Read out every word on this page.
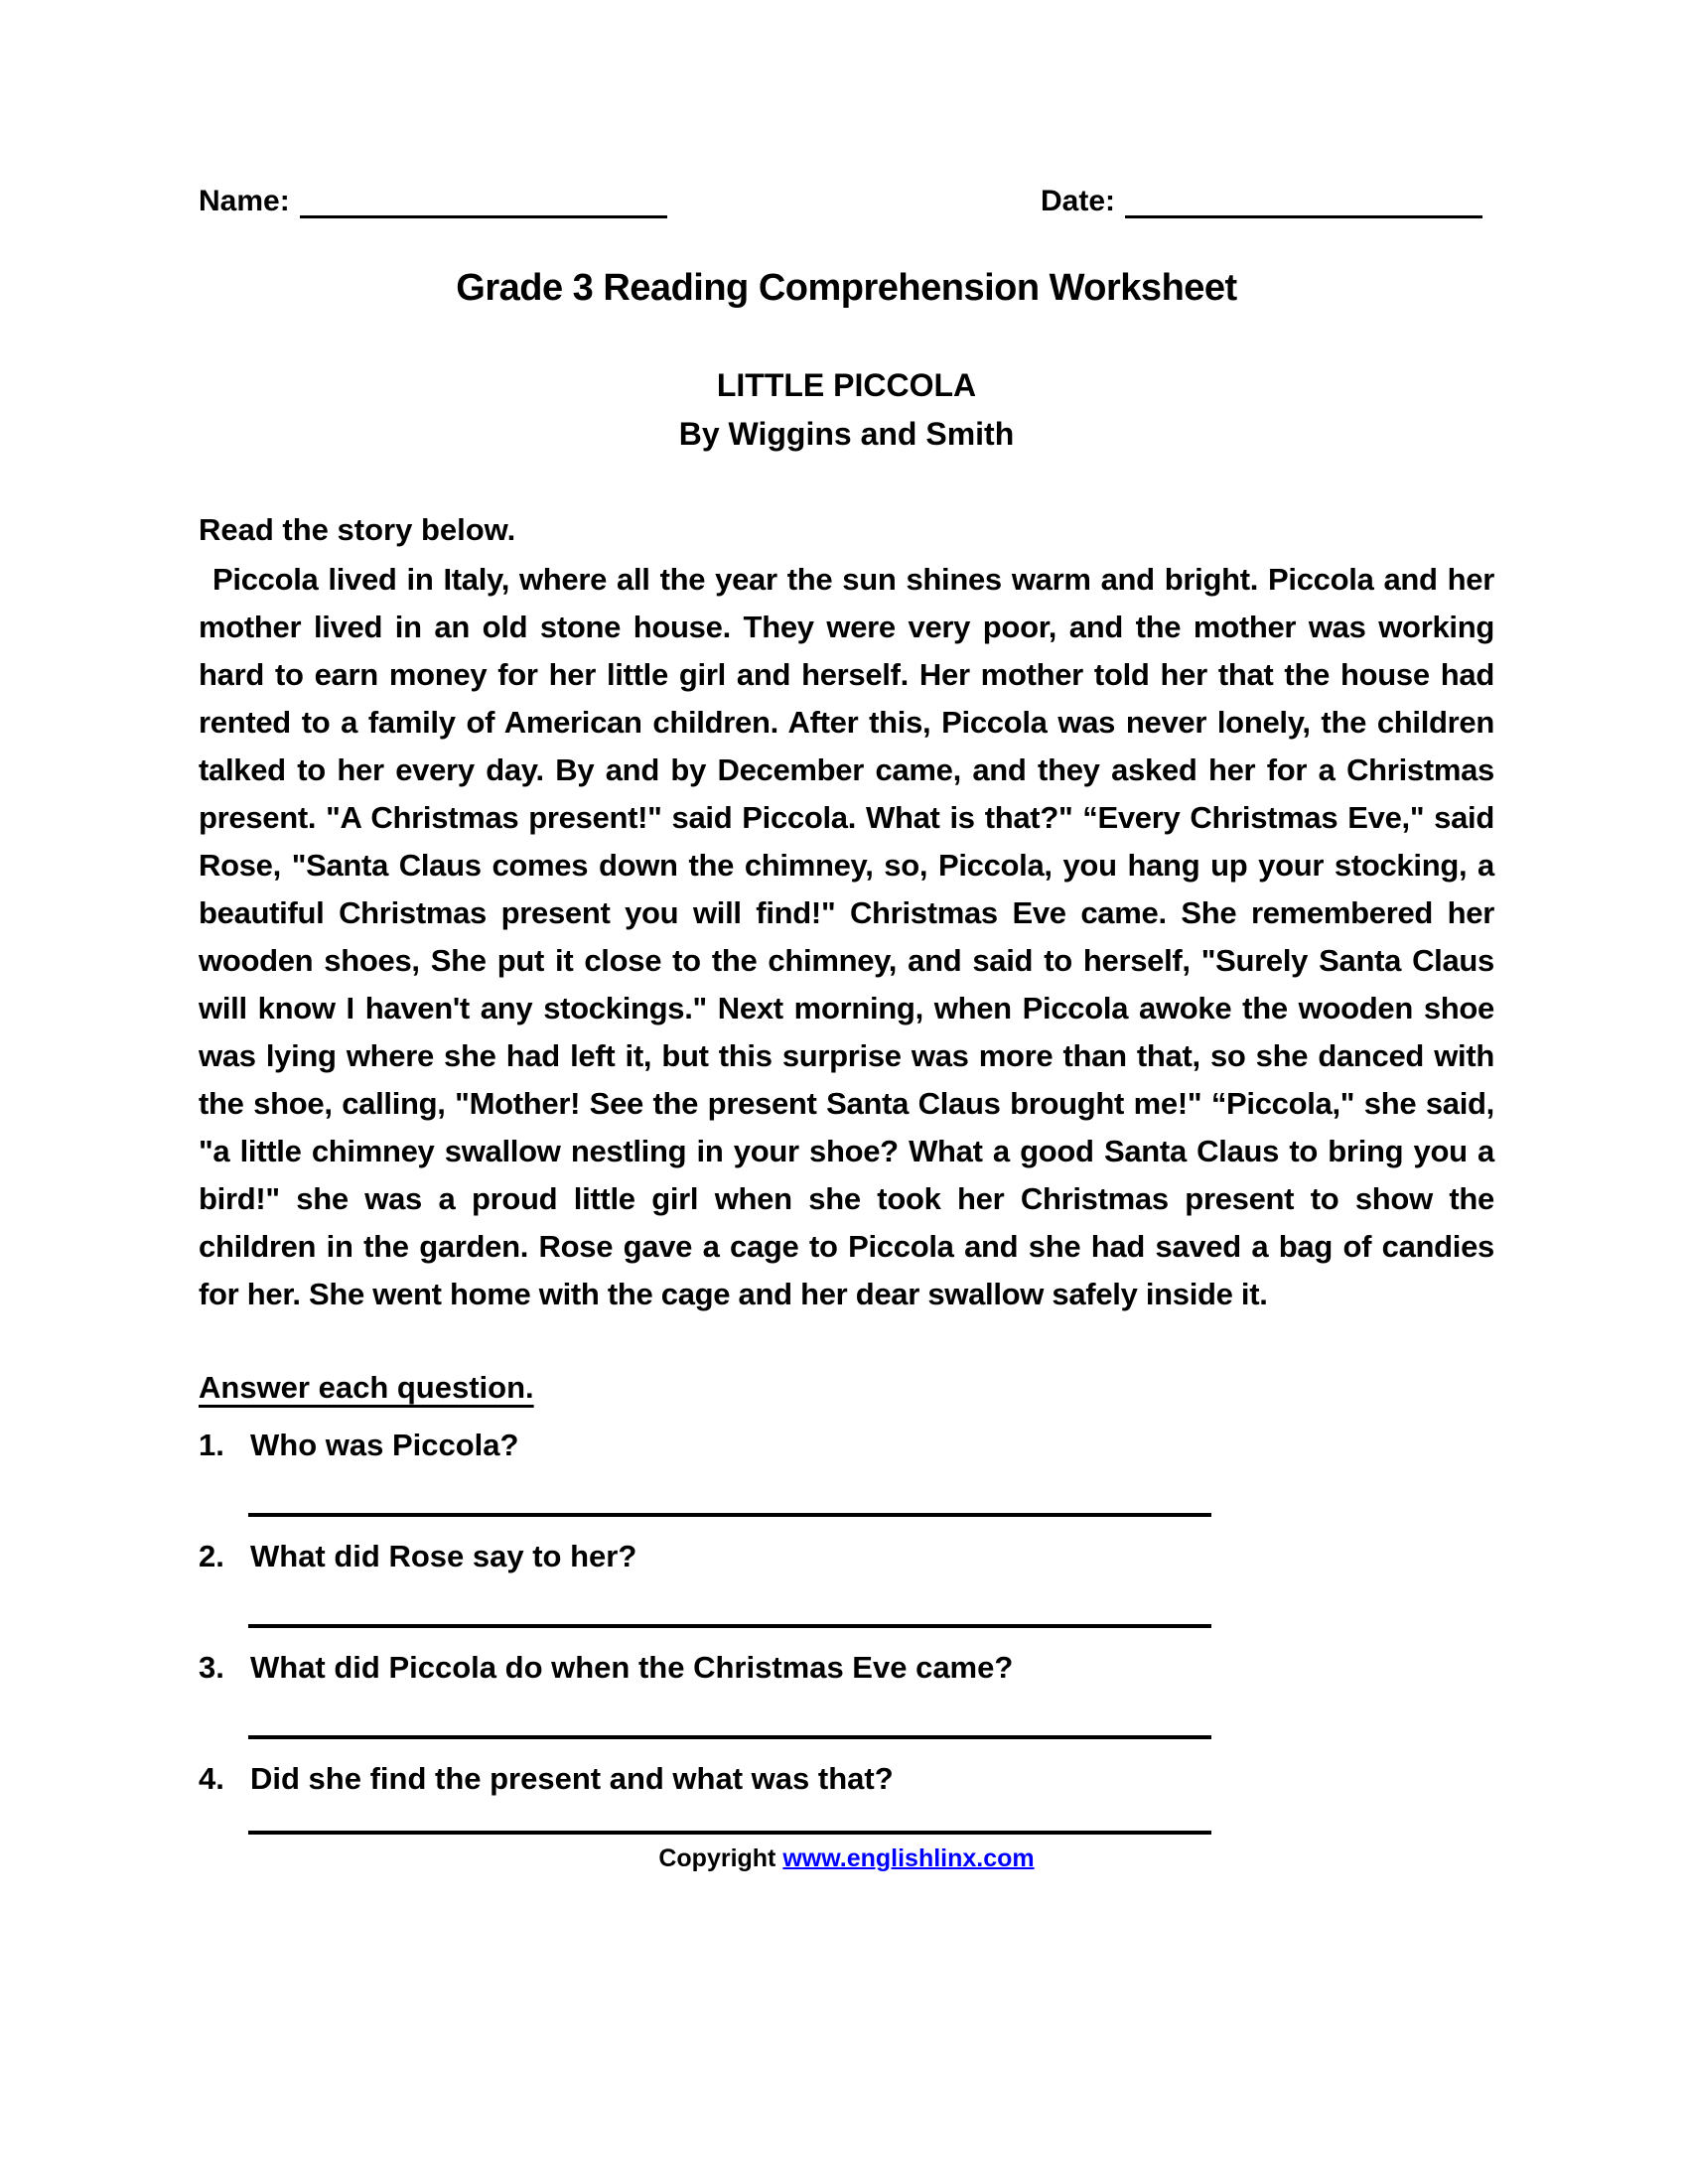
Name:	Date:
Grade 3 Reading Comprehension Worksheet
LITTLE PICCOLA
By Wiggins and Smith
Read the story below.
Piccola lived in Italy, where all the year the sun shines warm and bright. Piccola and her mother lived in an old stone house. They were very poor, and the mother was working hard to earn money for her little girl and herself. Her mother told her that the house had rented to a family of American children. After this, Piccola was never lonely, the children talked to her every day. By and by December came, and they asked her for a Christmas present. "A Christmas present!" said Piccola. What is that?" “Every Christmas Eve," said Rose, "Santa Claus comes down the chimney, so, Piccola, you hang up your stocking, a beautiful Christmas present you will find!" Christmas Eve came. She remembered her wooden shoes, She put it close to the chimney, and said to herself, "Surely Santa Claus will know I haven't any stockings." Next morning, when Piccola awoke the wooden shoe was lying where she had left it, but this surprise was more than that, so she danced with the shoe, calling, "Mother! See the present Santa Claus brought me!" “Piccola," she said, "a little chimney swallow nestling in your shoe? What a good Santa Claus to bring you a bird!" she was a proud little girl when she took her Christmas present to show the children in the garden. Rose gave a cage to Piccola and she had saved a bag of candies for her. She went home with the cage and her dear swallow safely inside it.
Answer each question.
1. Who was Piccola?
2. What did Rose say to her?
3. What did Piccola do when the Christmas Eve came?
4. Did she find the present and what was that?
Copyright www.englishlinx.com
